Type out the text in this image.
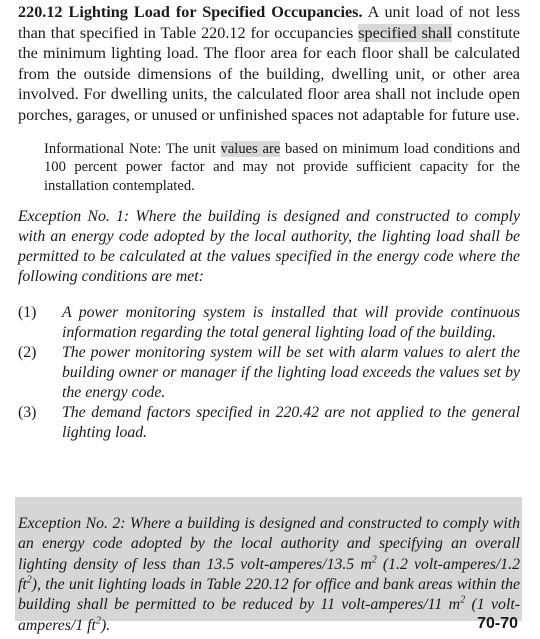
220.12 Lighting Load for Specified Occupancies. A unit load of not less than that specified in Table 220.12 for occupancies specified shall constitute the minimum lighting load. The floor area for each floor shall be calculated from the outside dimensions of the building, dwelling unit, or other area involved. For dwelling units, the calculated floor area shall not include open porches, garages, or unused or unfinished spaces not adaptable for future use.

Informational Note: The unit values are based on minimum load conditions and 100 percent power factor and may not provide sufficient capacity for the installation contemplated.

Exception No. 1: Where the building is designed and constructed to comply with an energy code adopted by the local authority, the lighting load shall be permitted to be calculated at the values specified in the energy code where the following conditions are met:

(1)	A power monitoring system is installed that will provide continuous information regarding the total general lighting load of the building.
(2)	The power monitoring system will be set with alarm values to alert the building owner or manager if the lighting load exceeds the values set by the energy code.
(3)	The demand factors specified in 220.42 are not applied to the general lighting load.

Exception No. 2: Where a building is designed and constructed to comply with an energy code adopted by the local authority and specifying an overall lighting density of less than 13.5 volt-amperes/13.5 $m^2$ (1.2 volt-amperes/1.2 $ft^2$), the unit lighting loads in Table 220.12 for office and bank areas within the building shall be permitted to be reduced by 11 volt-amperes/11 $m^2$ (1 volt-amperes/1 $ft^2$).	70-70
